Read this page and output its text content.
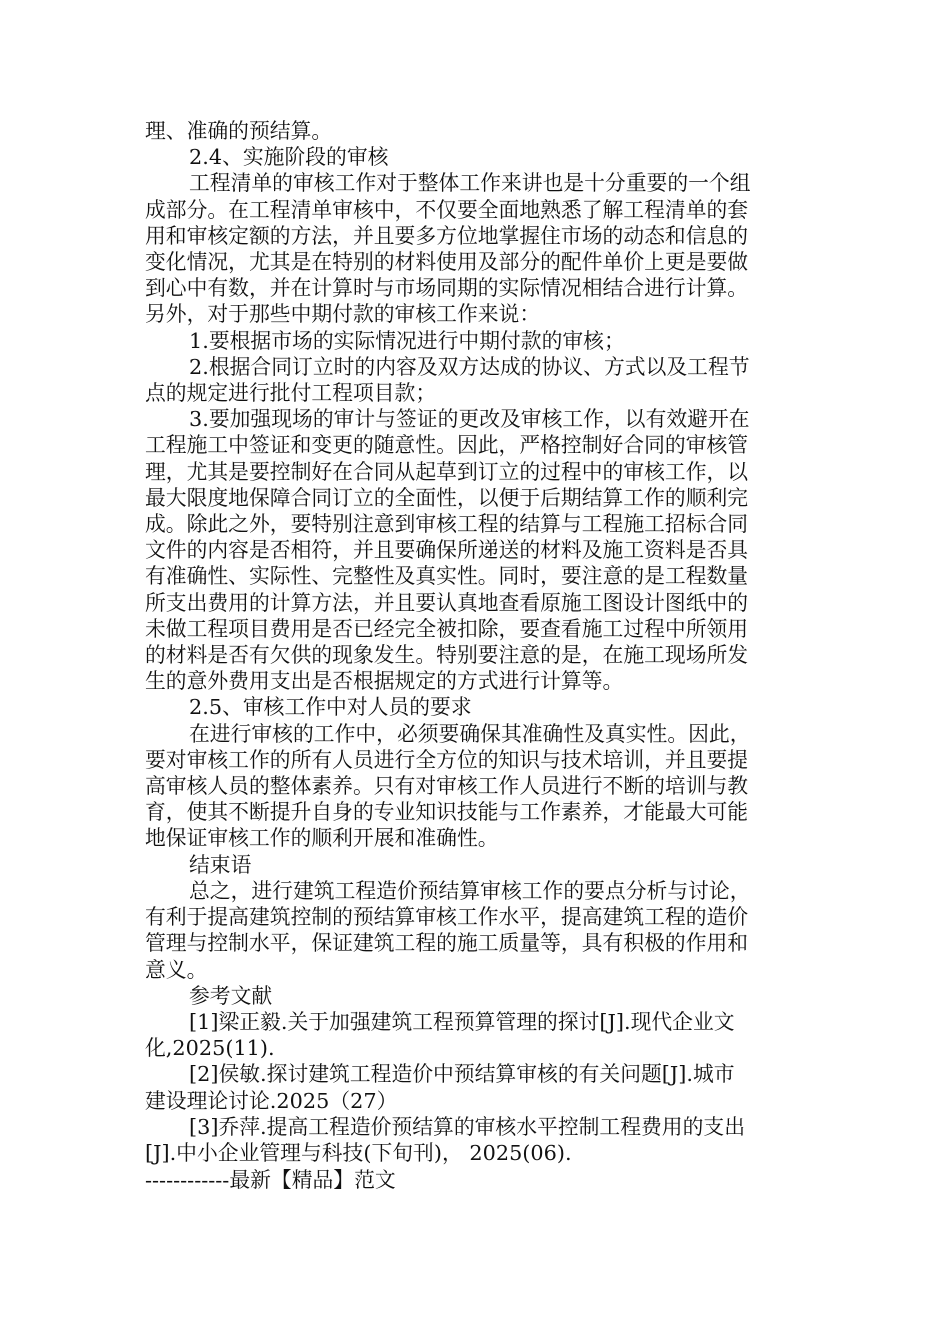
理、准确的预结算。

2.4、实施阶段的审核

工程清单的审核工作对于整体工作来讲也是十分重要的一个组

成部分。在工程清单审核中，不仅要全面地熟悉了解工程清单的套

用和审核定额的方法，并且要多方位地掌握住市场的动态和信息的

变化情况，尤其是在特别的材料使用及部分的配件单价上更是要做

到心中有数，并在计算时与市场同期的实际情况相结合进行计算。

另外，对于那些中期付款的审核工作来说：

1.要根据市场的实际情况进行中期付款的审核；

2.根据合同订立时的内容及双方达成的协议、方式以及工程节

点的规定进行批付工程项目款；

3.要加强现场的审计与签证的更改及审核工作，以有效避开在

工程施工中签证和变更的随意性。因此，严格控制好合同的审核管

理，尤其是要控制好在合同从起草到订立的过程中的审核工作，以

最大限度地保障合同订立的全面性，以便于后期结算工作的顺利完

成。除此之外，要特别注意到审核工程的结算与工程施工招标合同

文件的内容是否相符，并且要确保所递送的材料及施工资料是否具

有准确性、实际性、完整性及真实性。同时，要注意的是工程数量

所支出费用的计算方法，并且要认真地查看原施工图设计图纸中的

未做工程项目费用是否已经完全被扣除，要查看施工过程中所领用

的材料是否有欠供的现象发生。特别要注意的是，在施工现场所发

生的意外费用支出是否根据规定的方式进行计算等。

2.5、审核工作中对人员的要求

在进行审核的工作中，必须要确保其准确性及真实性。因此，

要对审核工作的所有人员进行全方位的知识与技术培训，并且要提

高审核人员的整体素养。只有对审核工作人员进行不断的培训与教

育，使其不断提升自身的专业知识技能与工作素养，才能最大可能

地保证审核工作的顺利开展和准确性。

结束语

总之，进行建筑工程造价预结算审核工作的要点分析与讨论，

有利于提高建筑控制的预结算审核工作水平，提高建筑工程的造价

管理与控制水平，保证建筑工程的施工质量等，具有积极的作用和

意义。

参考文献

[1]梁正毅.关于加强建筑工程预算管理的探讨[J].现代企业文

化,2025(11).

[2]侯敏.探讨建筑工程造价中预结算审核的有关问题[J].城市

建设理论讨论.2025（27）

[3]乔萍.提高工程造价预结算的审核水平控制工程费用的支出

[J].中小企业管理与科技(下旬刊)， 2025(06).

------------最新【精品】范文
